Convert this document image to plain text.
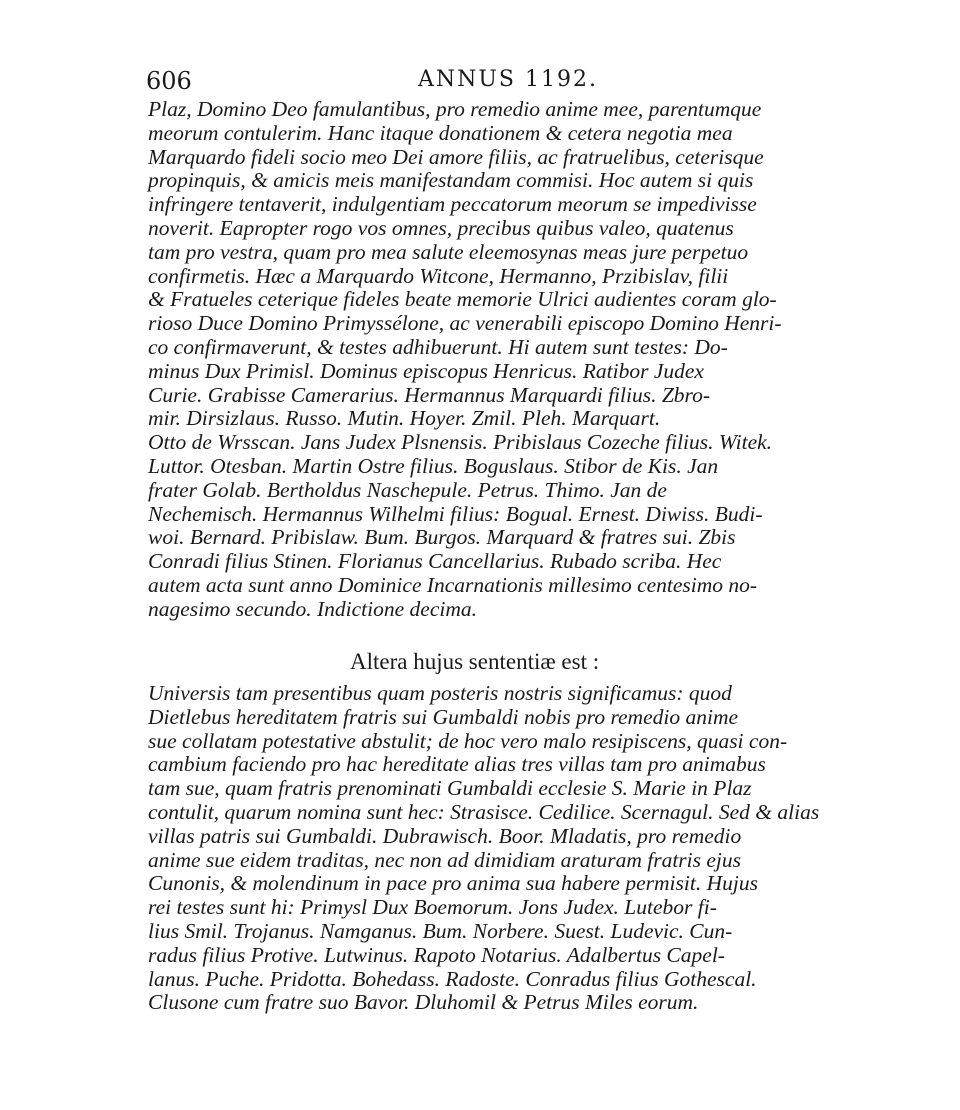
606	ANNUS 1192.
Plaz, Domino Deo famulantibus, pro remedio anime mee, parentumque
meorum contulerim. Hanc itaque donationem & cetera negotia mea
Marquardo fideli socio meo Dei amore filiis, ac fratruelibus, ceterisque
propinquis, & amicis meis manifestandam commisi. Hoc autem si quis
infringere tentaverit, indulgentiam peccatorum meorum se impedivisse
noverit. Eapropter rogo vos omnes, precibus quibus valeo, quatenus
tam pro vestra, quam pro mea salute eleemosynas meas jure perpetuo
confirmetis. Hæc a Marquardo Witcone, Hermanno, Przibislav, filii
& Fratueles ceterique fideles beate memorie Ulrici audientes coram glo-
rioso Duce Domino Primyssélone, ac venerabili episcopo Domino Henri-
co confirmaverunt, & testes adhibuerunt. Hi autem sunt testes: Do-
minus Dux Primisl. Dominus episcopus Henricus. Ratibor Judex
Curie. Grabisse Camerarius. Hermannus Marquardi filius. Zbro-
mir. Dirsizlaus. Russo. Mutin. Hoyer. Zmil. Pleh. Marquart.
Otto de Wrsscan. Jans Judex Plsnensis. Pribislaus Cozeche filius. Witek.
Luttor. Otesban. Martin Ostre filius. Boguslaus. Stibor de Kis. Jan
frater Golab. Bertholdus Naschepule. Petrus. Thimo. Jan de
Nechemisch. Hermannus Wilhelmi filius: Bogual. Ernest. Diwiss. Budi-
woi. Bernard. Pribislaw. Bum. Burgos. Marquard & fratres sui. Zbis
Conradi filius Stinen. Florianus Cancellarius. Rubado scriba. Hec
autem acta sunt anno Dominice Incarnationis millesimo centesimo no-
nagesimo secundo. Indictione decima.
Altera hujus sententiæ est :
Universis tam presentibus quam posteris nostris significamus: quod
Dietlebus hereditatem fratris sui Gumbaldi nobis pro remedio anime
sue collatam potestative abstulit; de hoc vero malo resipiscens, quasi con-
cambium faciendo pro hac hereditate alias tres villas tam pro animabus
tam sue, quam fratris prenominati Gumbaldi ecclesie S. Marie in Plaz
contulit, quarum nomina sunt hec: Strasisce. Cedilice. Scernagul. Sed & alias
villas patris sui Gumbaldi. Dubrawisch. Boor. Mladatis, pro remedio
anime sue eidem traditas, nec non ad dimidiam araturam fratris ejus
Cunonis, & molendinum in pace pro anima sua habere permisit. Hujus
rei testes sunt hi: Primysl Dux Boemorum. Jons Judex. Lutebor fi-
lius Smil. Trojanus. Namganus. Bum. Norbere. Suest. Ludevic. Cun-
radus filius Protive. Lutwinus. Rapoto Notarius. Adalbertus Capel-
lanus. Puche. Pridotta. Bohedass. Radoste. Conradus filius Gothescal.
Clusone cum fratre suo Bavor. Dluhomil & Petrus Miles eorum.
